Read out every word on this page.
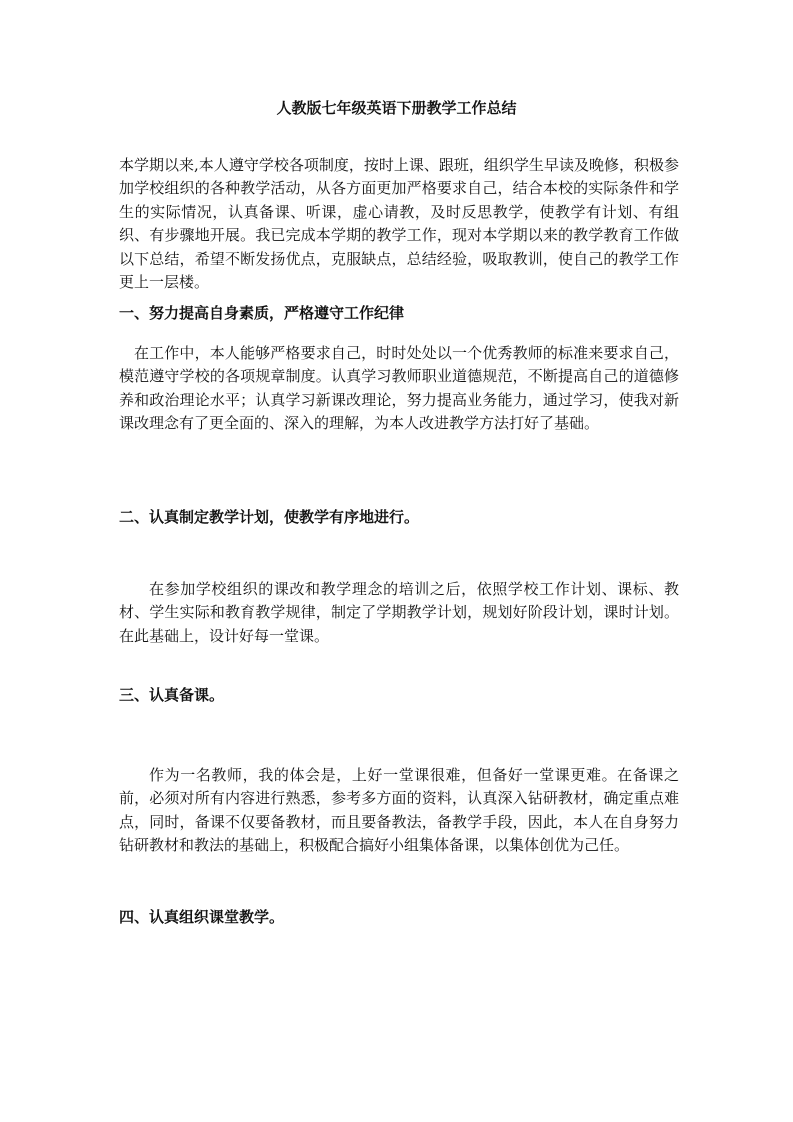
人教版七年级英语下册教学工作总结

本学期以来,本人遵守学校各项制度，按时上课、跟班，组织学生早读及晚修，积极参加学校组织的各种教学活动，从各方面更加严格要求自己，结合本校的实际条件和学生的实际情况，认真备课、听课，虚心请教，及时反思教学，使教学有计划、有组织、有步骤地开展。我已完成本学期的教学工作，现对本学期以来的教学教育工作做以下总结，希望不断发扬优点，克服缺点，总结经验，吸取教训，使自己的教学工作更上一层楼。

一、努力提高自身素质，严格遵守工作纪律

在工作中，本人能够严格要求自己，时时处处以一个优秀教师的标准来要求自己，模范遵守学校的各项规章制度。认真学习教师职业道德规范，不断提高自己的道德修养和政治理论水平；认真学习新课改理论，努力提高业务能力，通过学习，使我对新课改理念有了更全面的、深入的理解，为本人改进教学方法打好了基础。

二、认真制定教学计划，使教学有序地进行。

在参加学校组织的课改和教学理念的培训之后，依照学校工作计划、课标、教材、学生实际和教育教学规律，制定了学期教学计划，规划好阶段计划，课时计划。在此基础上，设计好每一堂课。

三、认真备课。

作为一名教师，我的体会是，上好一堂课很难，但备好一堂课更难。在备课之前，必须对所有内容进行熟悉，参考多方面的资料，认真深入钻研教材，确定重点难点，同时，备课不仅要备教材，而且要备教法，备教学手段，因此，本人在自身努力钻研教材和教法的基础上，积极配合搞好小组集体备课，以集体创优为己任。

四、认真组织课堂教学。
